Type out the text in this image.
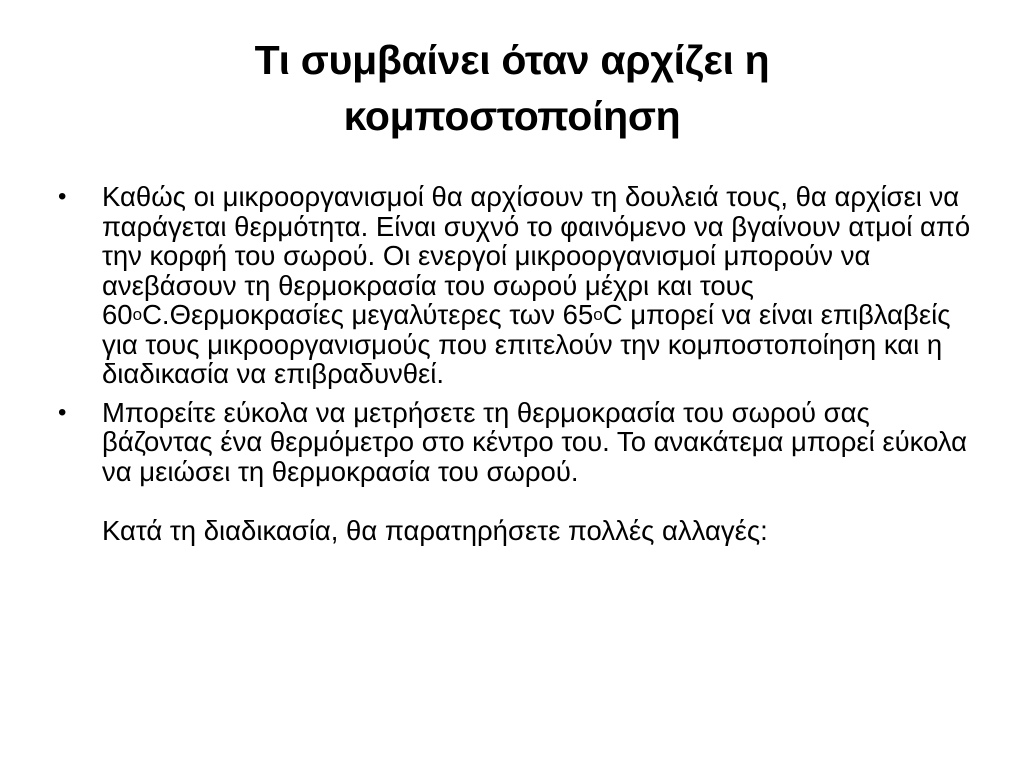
Τι συμβαίνει όταν αρχίζει η
κομποστοποίηση
• Καθώς οι μικροοργανισμοί θα αρχίσουν τη δουλειά τους, θα αρχίσει να παράγεται θερμότητα. Είναι συχνό το φαινόμενο να βγαίνουν ατμοί από την κορφή του σωρού. Οι ενεργοί μικροοργανισμοί μπορούν να ανεβάσουν τη θερμοκρασία του σωρού μέχρι και τους $60^oC.\Theta\varepsilon\rho\mu o\kappa\rho\alpha\sigma ί\varepsilon\varsigma$ μεγαλύτερες των $65^oC$ μπορεί να είναι επιβλαβείς για τους μικροοργανισμούς που επιτελούν την κομποστοποίηση και η διαδικασία να επιβραδυνθεί.
• Μπορείτε εύκολα να μετρήσετε τη θερμοκρασία του σωρού σας βάζοντας ένα θερμόμετρο στο κέντρο του. Το ανακάτεμα μπορεί εύκολα να μειώσει τη θερμοκρασία του σωρού.
Κατά τη διαδικασία, θα παρατηρήσετε πολλές αλλαγές:
